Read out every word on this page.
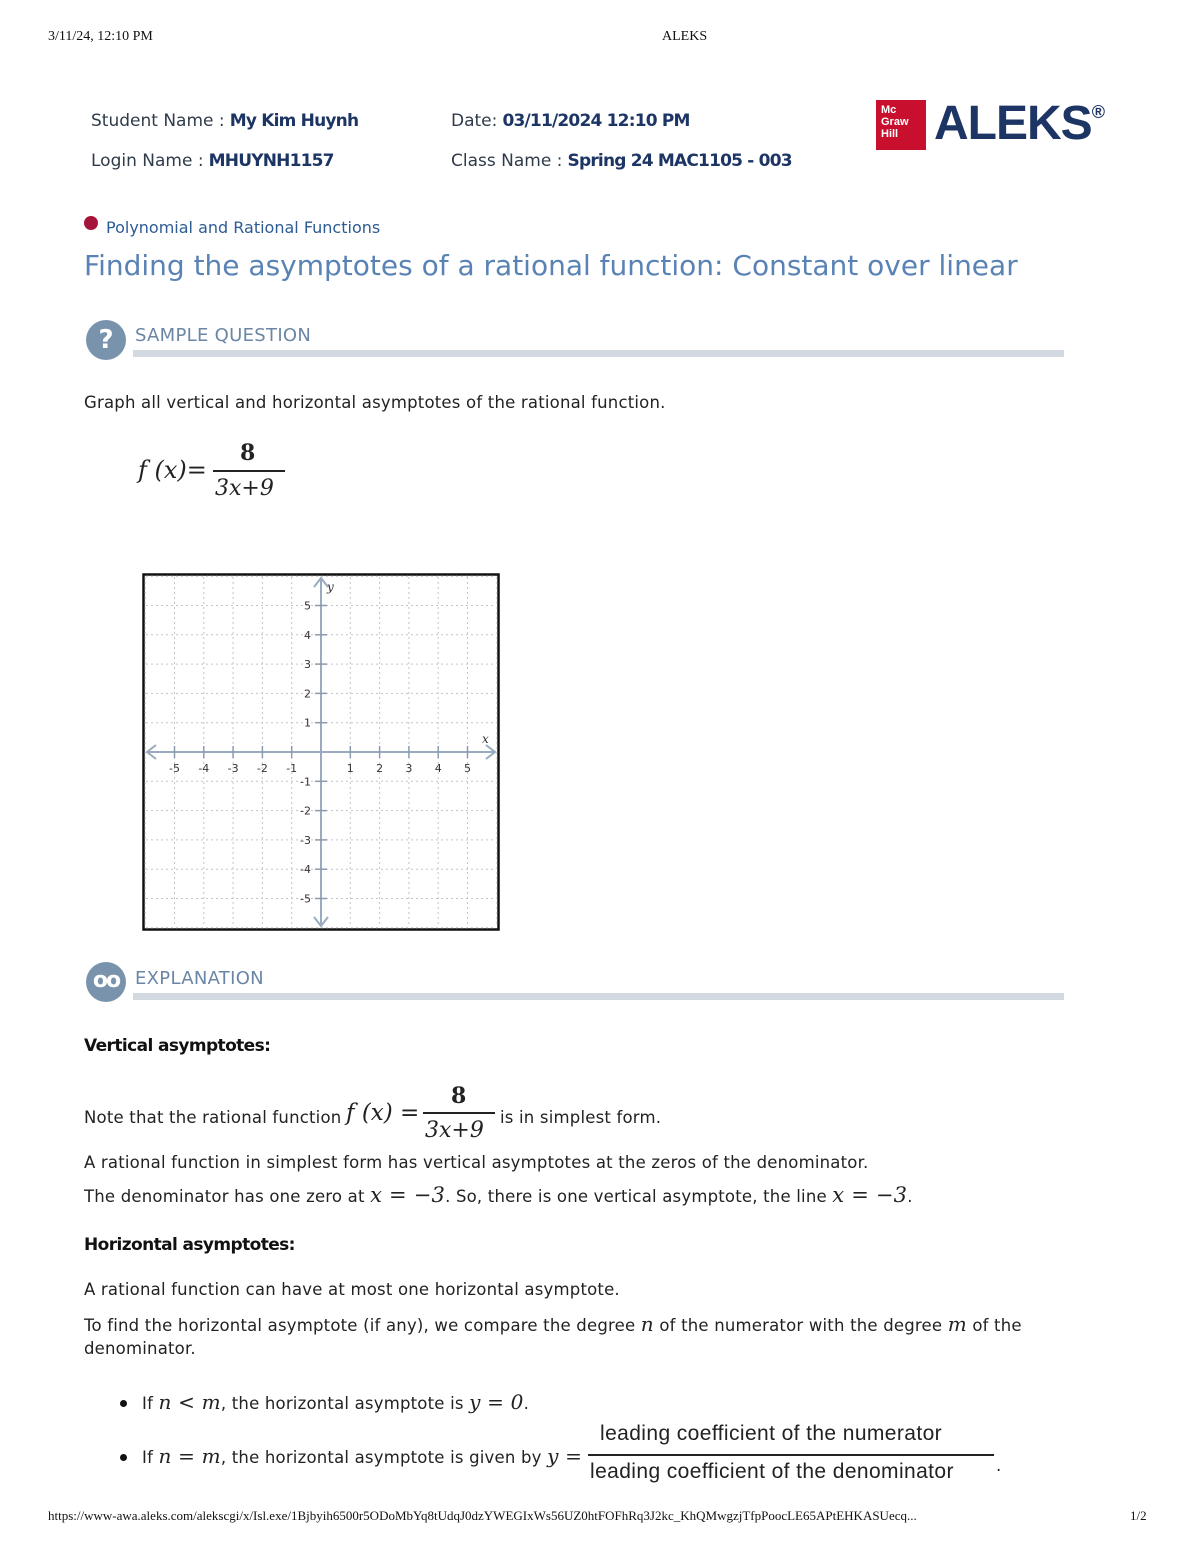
3/11/24, 12:10 PM	ALEKS
Student Name : My Kim Huynh	Date: 03/11/2024 12:10 PM
Login Name : MHUYNH1157	Class Name : Spring 24 MAC1105 - 003
Mc
Graw
Hill ALEKS®
Polynomial and Rational Functions
Finding the asymptotes of a rational function: Constant over linear
?	SAMPLE QUESTION
Graph all vertical and horizontal asymptotes of the rational function.
f (x)=
8
3x+9
-5 -4 -3 -2 -1	1 2 3 4 5
5
4
3
2
1
-1
-2
-3
-4
-5
x
y
oo EXPLANATION
Vertical asymptotes:
Note that the rational function f (x) =
8
3x+9
is in simplest form.
A rational function in simplest form has vertical asymptotes at the zeros of the denominator.
The denominator has one zero at x = −3. So, there is one vertical asymptote, the line x = −3.
Horizontal asymptotes:
A rational function can have at most one horizontal asymptote.
To find the horizontal asymptote (if any), we compare the degree n of the numerator with the degree m of the
denominator.
If n < m, the horizontal asymptote is y = 0.
If n = m, the horizontal asymptote is given by y =
leading coefficient of the numerator
leading coefficient of the denominator	.
https://www-awa.aleks.com/alekscgi/x/Isl.exe/1Bjbyih6500r5ODoMbYq8tUdqJ0dzYWEGIxWs56UZ0htFOFhRq3J2kc_KhQMwgzjTfpPoocLE65APtEHKASUecq...	1/2
